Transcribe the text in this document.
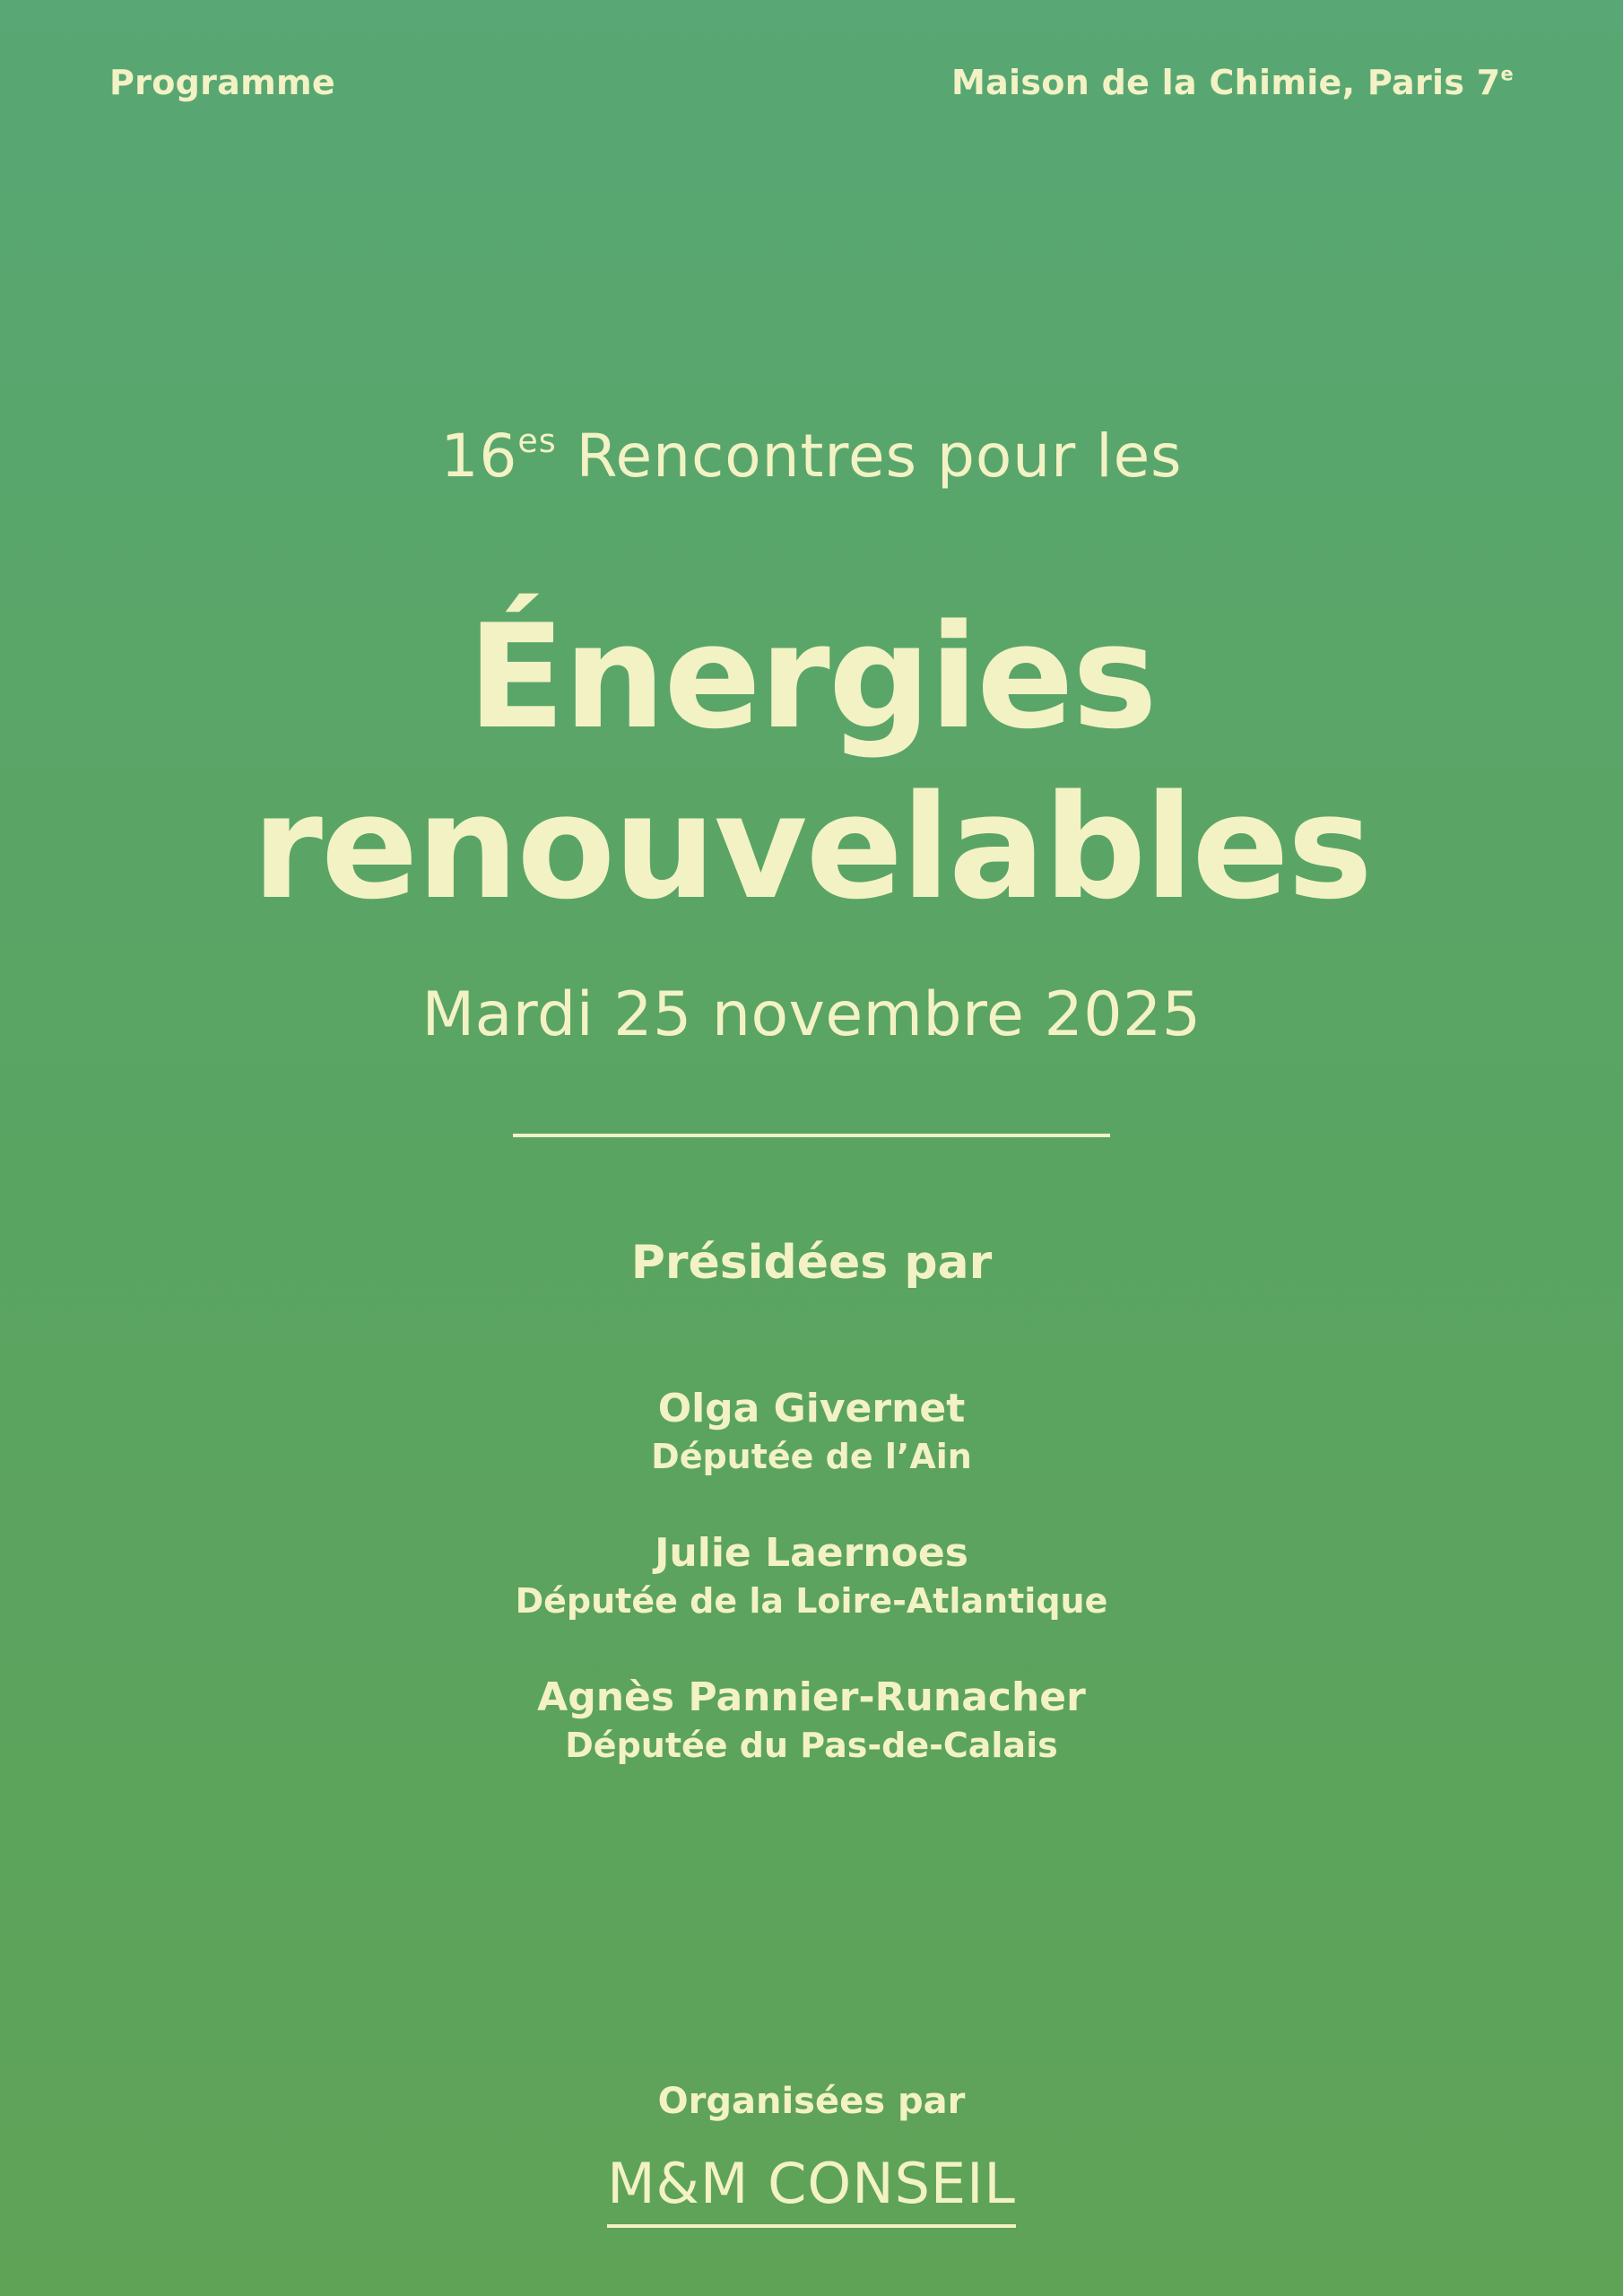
Programme	Maison de la Chimie, Paris 7e
$16^{es}$ Rencontres pour les
Énergies
renouvelables
Mardi 25 novembre 2025
Présidées par
Olga Givernet
Députée de l’Ain
Julie Laernoes
Députée de la Loire-Atlantique
Agnès Pannier-Runacher
Députée du Pas-de-Calais
Organisées par
M&M CONSEIL
